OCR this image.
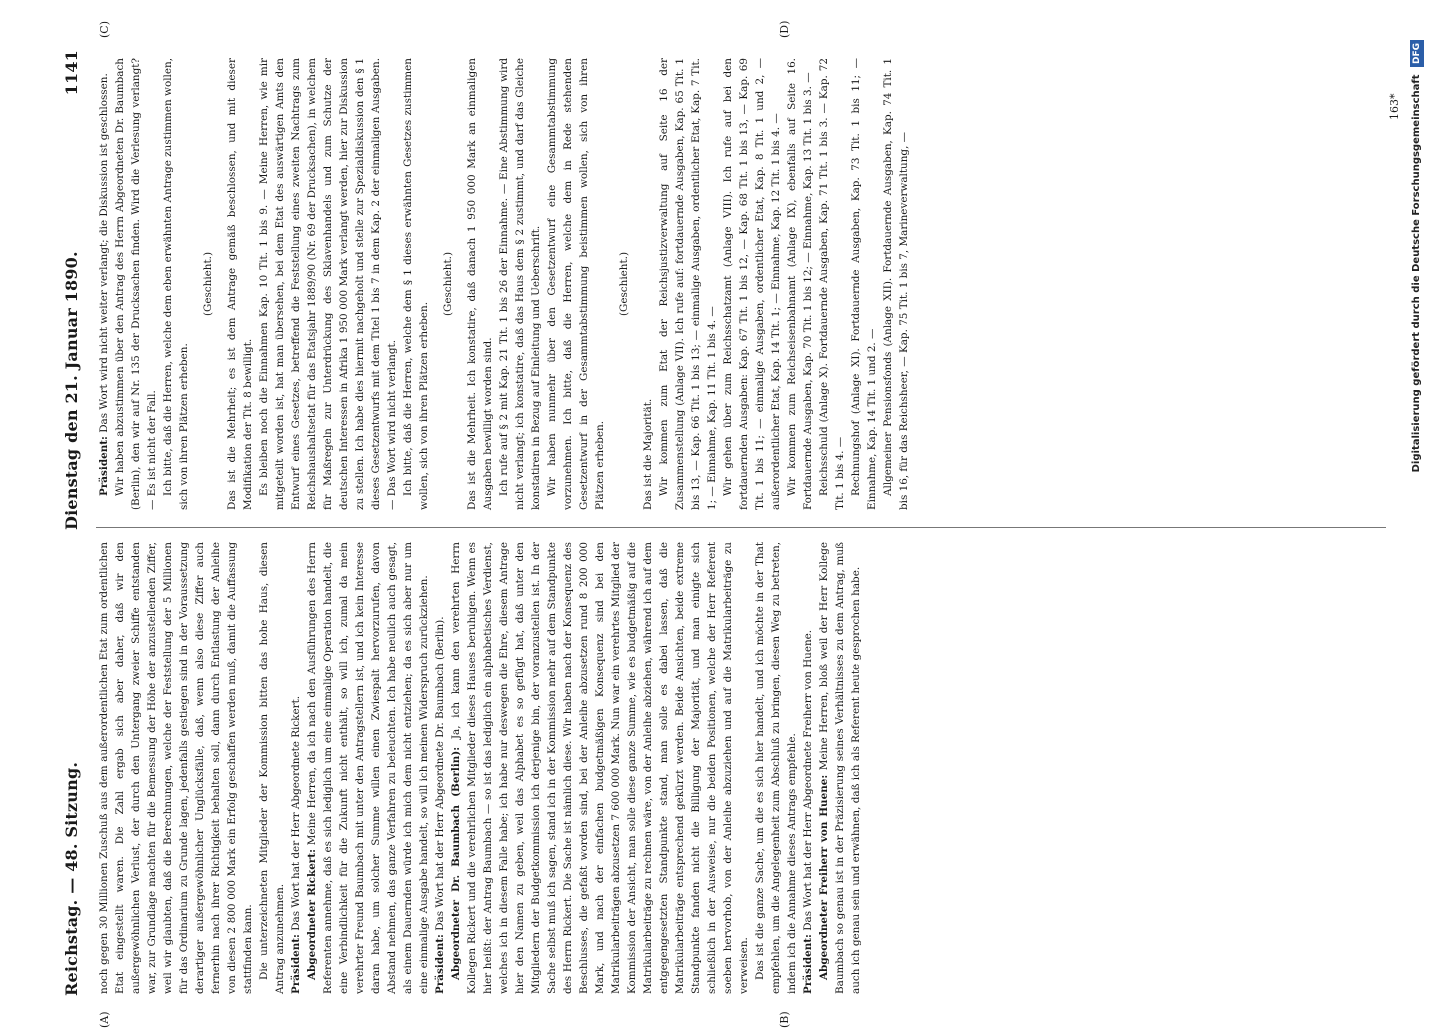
Reichstag. — 48. Sitzung.
Dienstag den 21. Januar 1890.
1141

noch gegen 30 Millionen Zuschuß aus dem außerordentlichen Etat zum ordentlichen Etat eingestellt waren. Die Zahl ergab sich aber daher, daß wir den außergewöhnlichen Verlust, der durch den Untergang zweier Schiffe entstanden war, zur Grundlage machten für die Bemessung der Höhe der anzustellenden Ziffer, weil wir glaubten, daß die Berechnungen, welche der Feststellung der 5 Millionen für das Ordinarium zu Grunde lagen, jedenfalls gestiegen sind in der Voraussetzung derartiger außergewöhnlicher Unglücksfälle, daß, wenn also diese Ziffer auch fernerhin nach ihrer Richtigkeit behalten soll, dann durch Entlastung der Anleihe von diesen 2 800 000 Mark ein Erfolg geschaffen werden muß, damit die Auffassung stattfinden kann. Die unterzeichneten Mitglieder der Kommission bitten das hohe Haus, diesen Antrag anzunehmen. Präsident: Das Wort hat der Herr Abgeordnete Rickert. Abgeordneter Rickert: Meine Herren, da ich nach den Ausführungen des Herrn Referenten annehme, daß es sich lediglich um eine einmalige Operation handelt, die eine Verbindlichkeit für die Zukunft nicht enthält, so will ich, zumal da mein verehrter Freund Baumbach mit unter den Antragstellern ist, und ich kein Interesse daran habe, um solcher Summe willen einen Zwiespalt hervorzurufen, davon Abstand nehmen, das ganze Verfahren zu beleuchten. Ich habe neulich auch gesagt, als einem Dauernden würde ich mich dem nicht entziehen; da es sich aber nur um eine einmalige Ausgabe handelt, so will ich meinen Widerspruch zurückziehen. Präsident: Das Wort hat der Herr Abgeordnete Dr. Baumbach (Berlin). Abgeordneter Dr. Baumbach (Berlin): Ja, ich kann den verehrten Herrn Kollegen Rickert und die verehrlichen Mitglieder dieses Hauses beruhigen. Wenn es hier heißt: der Antrag Baumbach — so ist das lediglich ein alphabetisches Verdienst, welches ich in diesem Falle habe; ich habe nur deswegen die Ehre, diesem Antrage hier den Namen zu geben, weil das Alphabet es so gefügt hat, daß unter den Mitgliedern der Budgetkommission ich derjenige bin, der voranzustellen ist. In der Sache selbst muß ich sagen, stand ich in der Kommission mehr auf dem Standpunkte des Herrn Rickert. Die Sache ist nämlich diese. Wir haben nach der Konsequenz des Beschlusses, die gefaßt worden sind, bei der Anleihe abzusetzen rund 8 200 000 Mark, und nach der einfachen budgetmäßigen Konsequenz sind bei den Matrikularbeiträgen abzusetzen 7 600 000 Mark. Nun war ein verehrtes Mitglied der Kommission der Ansicht, man solle diese ganze Summe, wie es budgetmäßig auf die Matrikularbeiträge zu rechnen wäre, von der Anleihe abziehen, während ich auf dem entgegengesetzten Standpunkte stand, man solle es dabei lassen, daß die Matrikularbeiträge entsprechend gekürzt werden. Beide Ansichten, beide extreme Standpunkte fanden nicht die Billigung der Majorität, und man einigte sich schließlich in der Ausweise, nur die beiden Positionen, welche der Herr Referent soeben hervorhob, von der Anleihe abzuziehen und auf die Matrikularbeiträge zu verweisen. Das ist die ganze Sache, um die es sich hier handelt, und ich möchte in der That empfehlen, um die Angelegenheit zum Abschluß zu bringen, diesen Weg zu betreten, indem ich die Annahme dieses Antrags empfehle. Präsident: Das Wort hat der Herr Abgeordnete Freiherr von Huene. Abgeordneter Freiherr von Huene: Meine Herren, bloß weil der Herr Kollege Baumbach so genau ist in der Präzisierung seines Verhältnisses zu dem Antrag, muß auch ich genau sein und erwähnen, daß ich als Referent heute gesprochen habe.

Präsident: Das Wort wird nicht weiter verlangt; die Diskussion ist geschlossen. Wir haben abzustimmen über den Antrag des Herrn Abgeordneten Dr. Baumbach (Berlin), den wir auf Nr. 135 der Drucksachen finden. Wird die Verlesung verlangt? — Es ist nicht der Fall. Ich bitte, daß die Herren, welche dem eben erwähnten Antrage zustimmen wollen, sich von ihren Plätzen erheben.

(Geschieht.) Das ist die Mehrheit; es ist dem Antrage gemäß beschlossen, und mit dieser Modifikation der Tit. 8 bewilligt. Es bleiben noch die Einnahmen Kap. 10 Tit. 1 bis 9. — Meine Herren, wie mir mitgeteilt worden ist, hat man übersehen, bei dem Etat des auswärtigen Amts den Entwurf eines Gesetzes, betreffend die Feststellung eines zweiten Nachtrags zum Reichshaushaltsetat für das Etatsjahr 1889/90 (Nr. 69 der Drucksachen), in welchem für Maßregeln zur Unterdrückung des Sklavenhandels und zum Schutze der deutschen Interessen in Afrika 1 950 000 Mark verlangt werden, hier zur Diskussion zu stellen. Ich habe dies hiermit nachgeholt und stelle zur Spezialdiskussion den § 1 dieses Gesetzentwurfs mit dem Titel 1 bis 7 in dem Kap. 2 der einmaligen Ausgaben. — Das Wort wird nicht verlangt. Ich bitte, daß die Herren, welche dem § 1 dieses erwähnten Gesetzes zustimmen wollen, sich von ihren Plätzen erheben.

(Geschieht.) Das ist die Mehrheit. Ich konstatire, daß danach 1 950 000 Mark an einmaligen Ausgaben bewilligt worden sind. Ich rufe auf § 2 mit Kap. 21 Tit. 1 bis 26 der Einnahme. — Eine Abstimmung wird nicht verlangt; ich konstatire, daß das Haus dem § 2 zustimmt, und darf das Gleiche konstatiren in Bezug auf Einleitung und Ueberschrift. Wir haben nunmehr über den Gesetzentwurf eine Gesammtabstimmung vorzunehmen. Ich bitte, daß die Herren, welche dem in Rede stehenden Gesetzentwurf in der Gesammtabstimmung beistimmen wollen, sich von ihren Plätzen erheben.

(Geschieht.)

Das ist die Majorität. Wir kommen zum Etat der Reichsjustizverwaltung auf Seite 16 der Zusammenstellung (Anlage VII). Ich rufe auf: fortdauernde Ausgaben, Kap. 65 Tit. 1 bis 13, — Kap. 66 Tit. 1 bis 13; — einmalige Ausgaben, ordentlicher Etat, Kap. 7 Tit. 1; — Einnahme, Kap. 11 Tit. 1 bis 4. — Wir gehen über zum Reichsschatzamt (Anlage VIII). Ich rufe auf bei den fortdauernden Ausgaben: Kap. 67 Tit. 1 bis 12, — Kap. 68 Tit. 1 bis 13, — Kap. 69 Tit. 1 bis 11; — einmalige Ausgaben, ordentlicher Etat, Kap. 8 Tit. 1 und 2, — außerordentlicher Etat, Kap. 14 Tit. 1; — Einnahme, Kap. 12 Tit. 1 bis 4. — Wir kommen zum Reichseisenbahnamt (Anlage IX), ebenfalls auf Seite 16. Fortdauernde Ausgaben, Kap. 70 Tit. 1 bis 12; — Einnahme, Kap. 13 Tit. 1 bis 3. — Reichsschuld (Anlage X). Fortdauernde Ausgaben, Kap. 71 Tit. 1 bis 3. — Kap. 72 Tit. 1 bis 4. — Rechnungshof (Anlage XI). Fortdauernde Ausgaben, Kap. 73 Tit. 1 bis 11; — Einnahme, Kap. 14 Tit. 1 und 2. — Allgemeiner Pensionsfonds (Anlage XII). Fortdauernde Ausgaben, Kap. 74 Tit. 1 bis 16, für das Reichsheer, — Kap. 75 Tit. 1 bis 7, Marineverwaltung, —

(A)	(B)
(C)	(D)
163*	Digitalisierung gefördert durch die Deutsche Forschungsgemeinschaft DFG
